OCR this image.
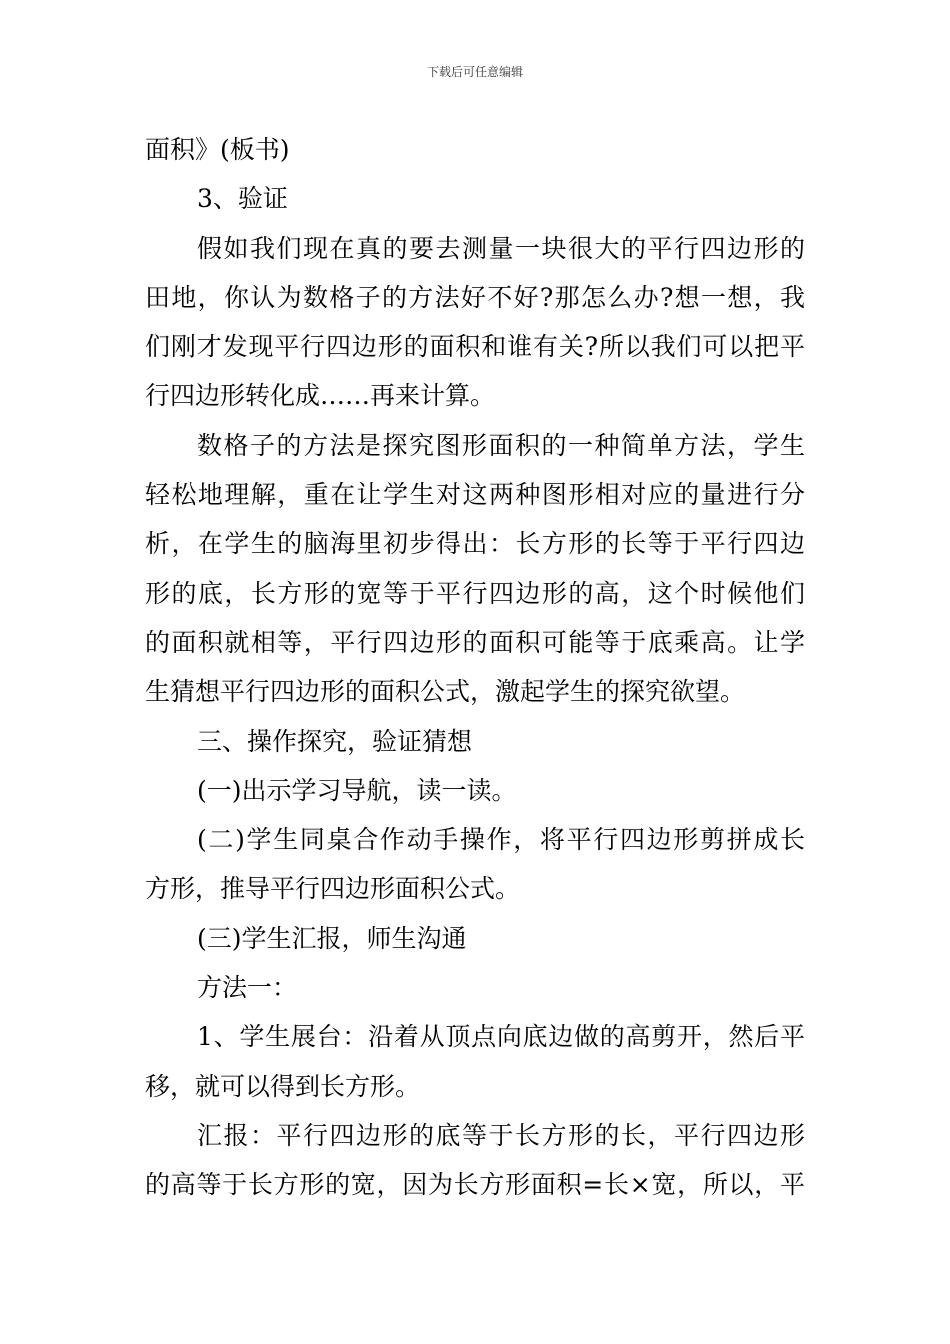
下载后可任意编辑
面积》(板书)
3、验证
假如我们现在真的要去测量一块很大的平行四边形的
田地，你认为数格子的方法好不好?那怎么办?想一想，我
们刚才发现平行四边形的面积和谁有关?所以我们可以把平
行四边形转化成……再来计算。
数格子的方法是探究图形面积的一种简单方法，学生
轻松地理解，重在让学生对这两种图形相对应的量进行分
析，在学生的脑海里初步得出：长方形的长等于平行四边
形的底，长方形的宽等于平行四边形的高，这个时候他们
的面积就相等，平行四边形的面积可能等于底乘高。让学
生猜想平行四边形的面积公式，激起学生的探究欲望。
三、操作探究，验证猜想
(一)出示学习导航，读一读。
(二)学生同桌合作动手操作，将平行四边形剪拼成长
方形，推导平行四边形面积公式。
(三)学生汇报，师生沟通
方法一：
1、学生展台：沿着从顶点向底边做的高剪开，然后平
移，就可以得到长方形。
汇报：平行四边形的底等于长方形的长，平行四边形
的高等于长方形的宽，因为长方形面积=长×宽，所以，平
